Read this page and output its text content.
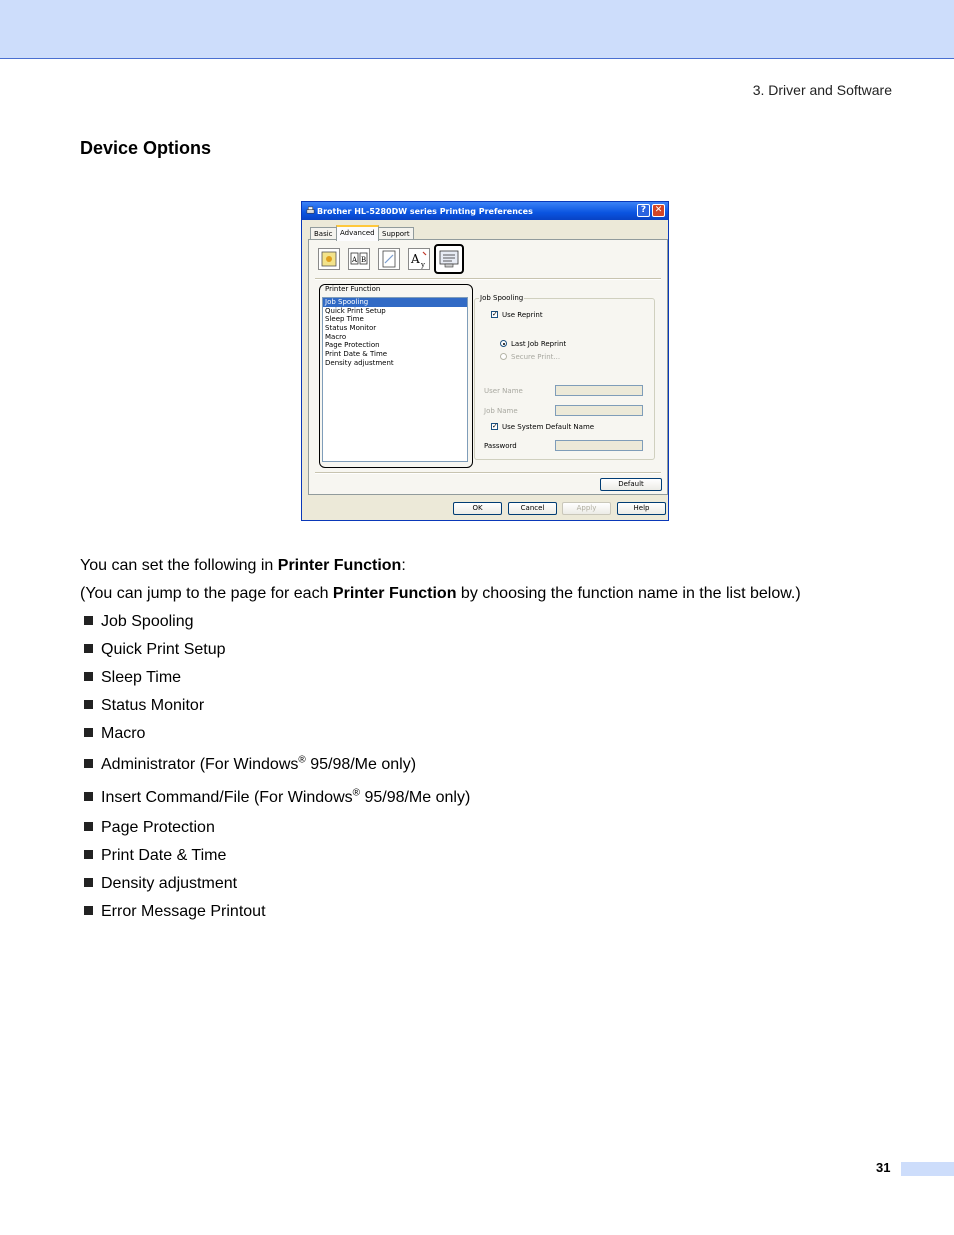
3. Driver and Software
Device Options
Brother HL-5280DW series Printing Preferences	? ✕
Basic	Advanced	Support
A B	A y
Printer Function
Job Spooling
Quick Print Setup
Sleep Time
Status Monitor
Macro
Page Protection
Print Date & Time
Density adjustment
Job Spooling
✓ Use Reprint
Last Job Reprint
Secure Print...
User Name
Job Name
✓ Use System Default Name
Password
Default
OK	Cancel	Apply	Help
You can set the following in Printer Function:
(You can jump to the page for each Printer Function by choosing the function name in the list below.)
Job Spooling
Quick Print Setup
Sleep Time
Status Monitor
Macro
Administrator (For Windows® 95/98/Me only)
Insert Command/File (For Windows® 95/98/Me only)
Page Protection
Print Date & Time
Density adjustment
Error Message Printout
31
